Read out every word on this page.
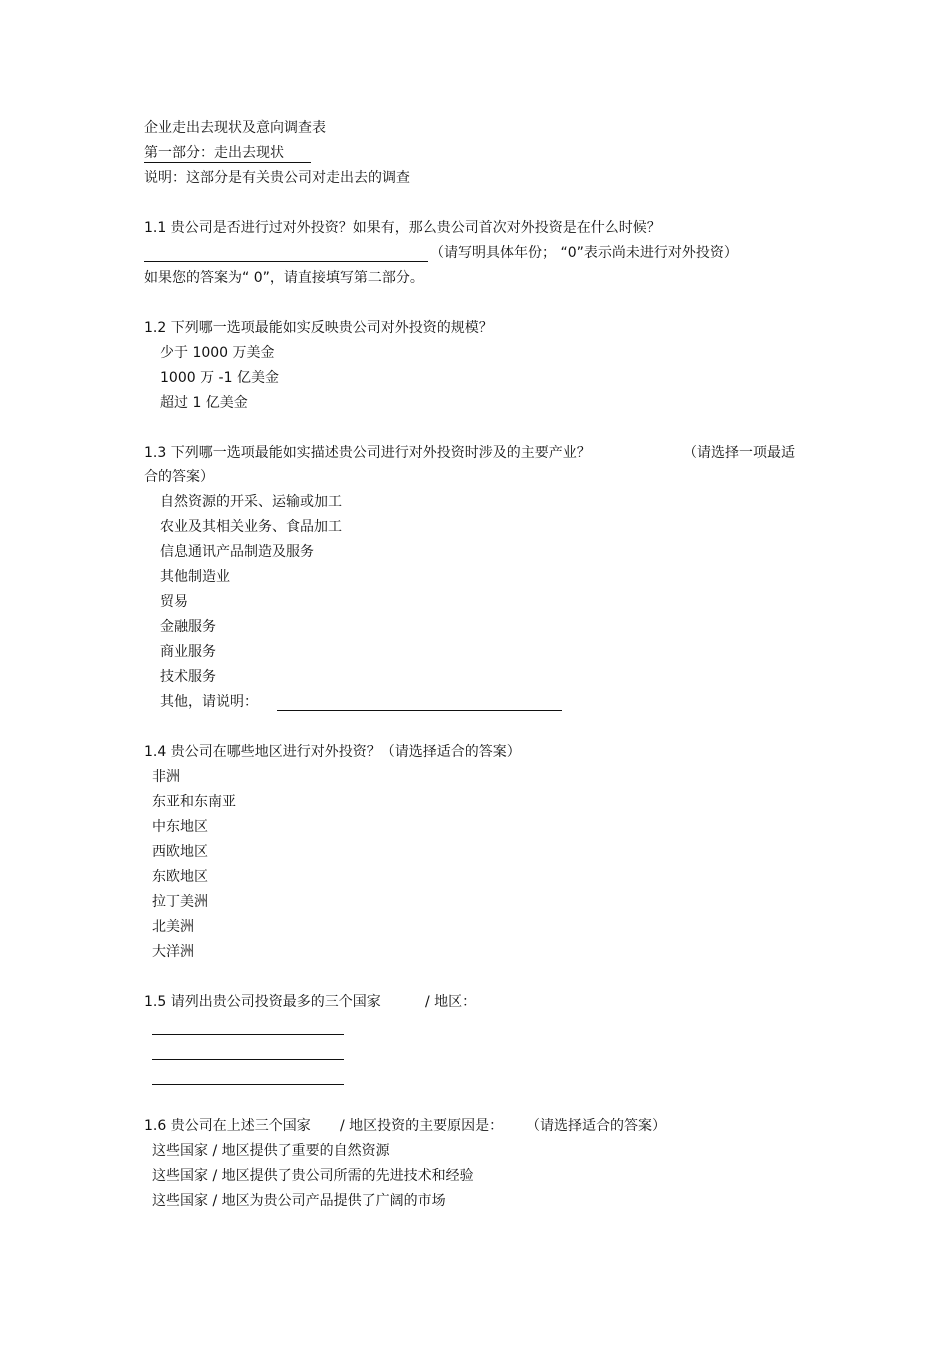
企业走出去现状及意向调查表
第一部分：走出去现状
说明：这部分是有关贵公司对走出去的调查
1.1 贵公司是否进行过对外投资？如果有，那么贵公司首次对外投资是在什么时候？
（请写明具体年份； “0”表示尚未进行对外投资）
如果您的答案为“ 0”，请直接填写第二部分。
1.2 下列哪一选项最能如实反映贵公司对外投资的规模？
少于 1000 万美金
1000 万 -1 亿美金
超过 1 亿美金
1.3 下列哪一选项最能如实描述贵公司进行对外投资时涉及的主要产业？	（请选择一项最适
合的答案）
自然资源的开采、运输或加工
农业及其相关业务、食品加工
信息通讯产品制造及服务
其他制造业
贸易
金融服务
商业服务
技术服务
其他，请说明：
1.4 贵公司在哪些地区进行对外投资？（请选择适合的答案）
非洲
东亚和东南亚
中东地区
西欧地区
东欧地区
拉丁美洲
北美洲
大洋洲
1.5 请列出贵公司投资最多的三个国家	/ 地区：
1.6 贵公司在上述三个国家 / 地区投资的主要原因是： （请选择适合的答案）
这些国家 / 地区提供了重要的自然资源
这些国家 / 地区提供了贵公司所需的先进技术和经验
这些国家 / 地区为贵公司产品提供了广阔的市场
